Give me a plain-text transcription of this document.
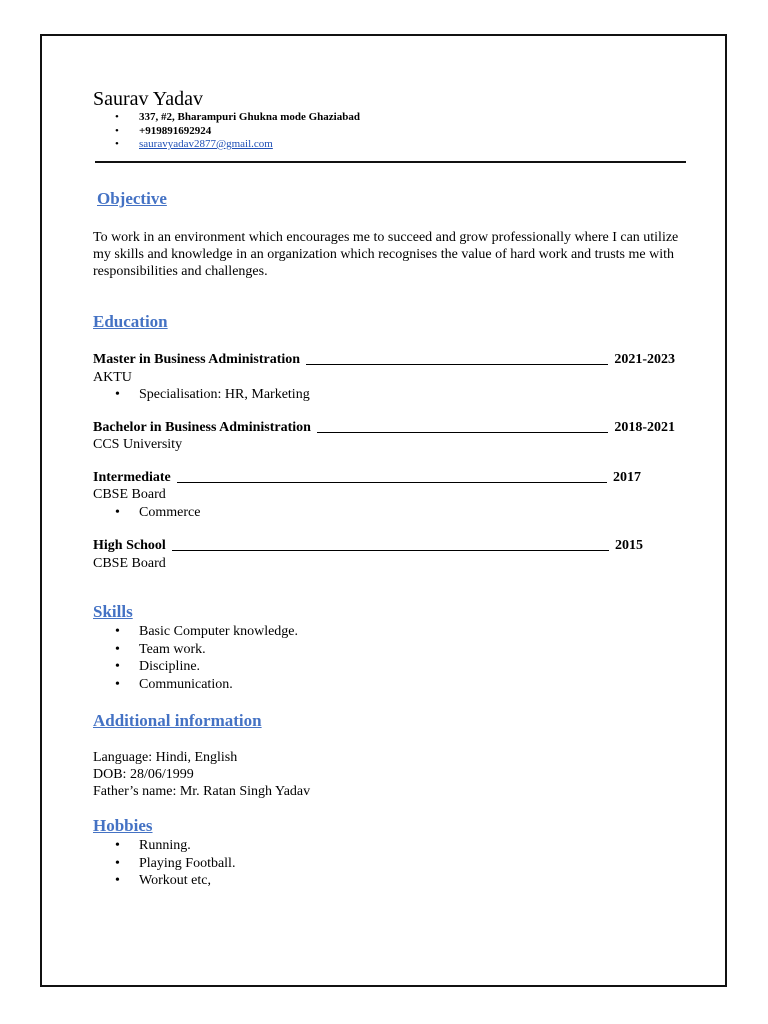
Saurav Yadav
• 337, #2, Bharampuri Ghukna mode Ghaziabad
• +919891692924
• sauravyadav2877@gmail.com
Objective
To work in an environment which encourages me to succeed and grow professionally where I can utilize my skills and knowledge in an organization which recognises the value of hard work and trusts me with responsibilities and challenges.
Education
Master in Business Administration	2021-2023
AKTU
• Specialisation: HR, Marketing
Bachelor in Business Administration	2018-2021
CCS University
Intermediate	2017
CBSE Board
• Commerce
High School	2015
CBSE Board
Skills
• Basic Computer knowledge.
• Team work.
• Discipline.
• Communication.
Additional information
Language: Hindi, English
DOB: 28/06/1999
Father’s name: Mr. Ratan Singh Yadav
Hobbies
• Running.
• Playing Football.
• Workout etc,
